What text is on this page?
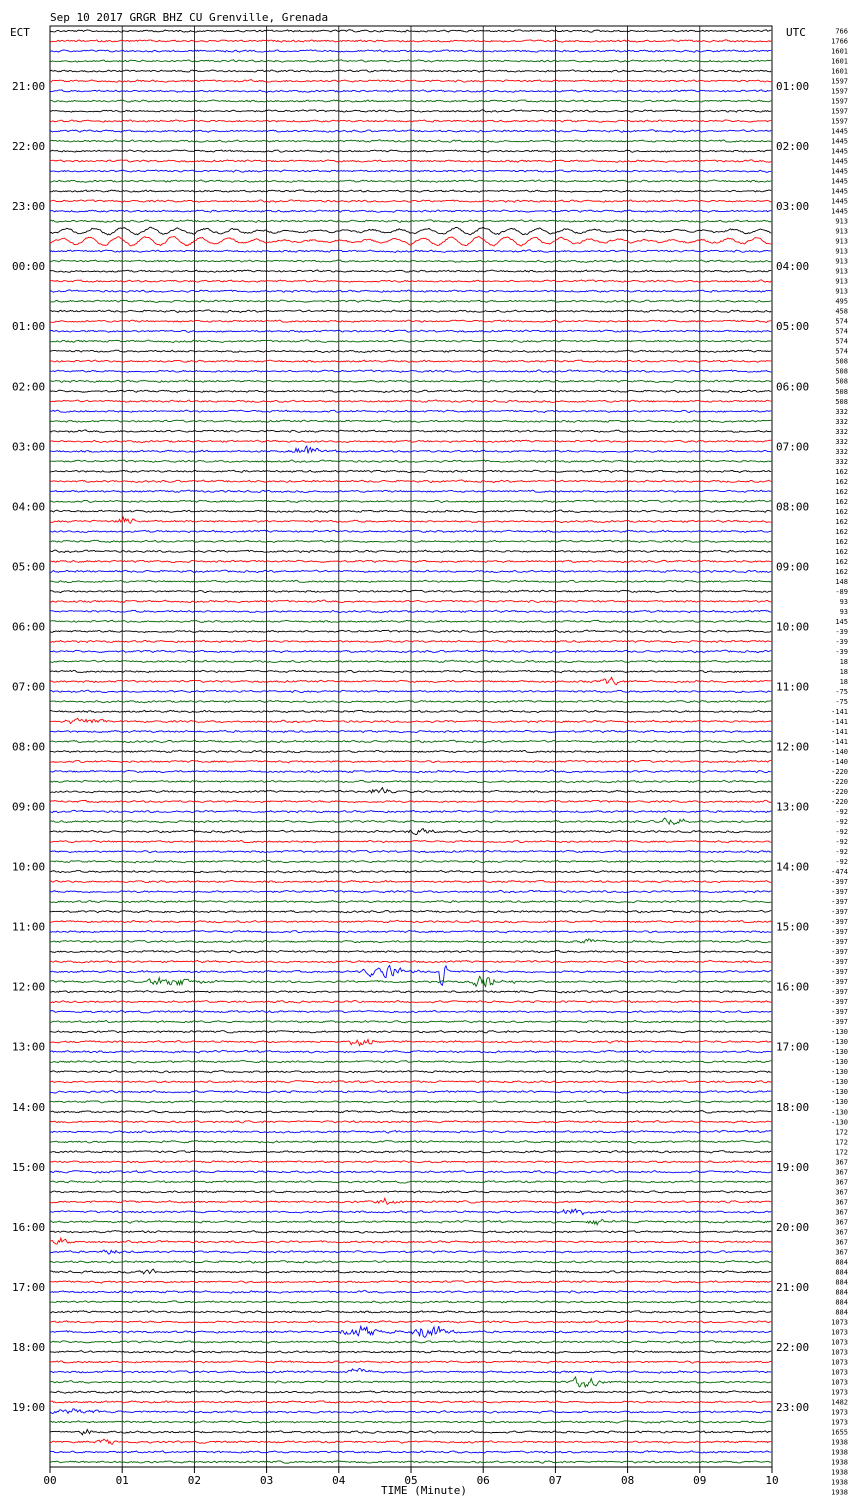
Sep 10 2017 GRGR BHZ CU Grenville, Grenada
ECT	UTC
TIME (Minute)
21:00
22:00
23:00
00:00
01:00
02:00
03:00
04:00
05:00
06:00
07:00
08:00
09:00
10:00
11:00
12:00
13:00
14:00
15:00
16:00
17:00
18:00
19:00
01:00
02:00
03:00
04:00
05:00
06:00
07:00
08:00
09:00
10:00
11:00
12:00
13:00
14:00
15:00
16:00
17:00
18:00
19:00
20:00
21:00
22:00
23:00
766
1766
1601
1601
1601
1597
1597
1597
1597
1597
1445
1445
1445
1445
1445
1445
1445
1445
1445
913
913
913
913
913
913
913
913
495
458
574
574
574
574
508
508
508
508
508
332
332
332
332
332
332
162
162
162
162
162
162
162
162
162
162
162
148
-89
93
93
145
-39
-39
-39
18
18
18
-75
-75
-141
-141
-141
-141
-140
-140
-220
-220
-220
-220
-92
-92
-92
-92
-92
-92
-474
-397
-397
-397
-397
-397
-397
-397
-397
-397
-397
-397
-397
-397
-397
-397
-130
-130
-130
-130
-130
-130
-130
-130
-130
-130
172
172
172
367
367
367
367
367
367
367
367
367
367
884
884
884
884
884
884
1073
1073
1073
1073
1073
1073
1073
1973
1482
1973
1973
1655
1938
1938
1938
1938
1938
1938
00	01	02	03	04	05	06	07	08	09	10
